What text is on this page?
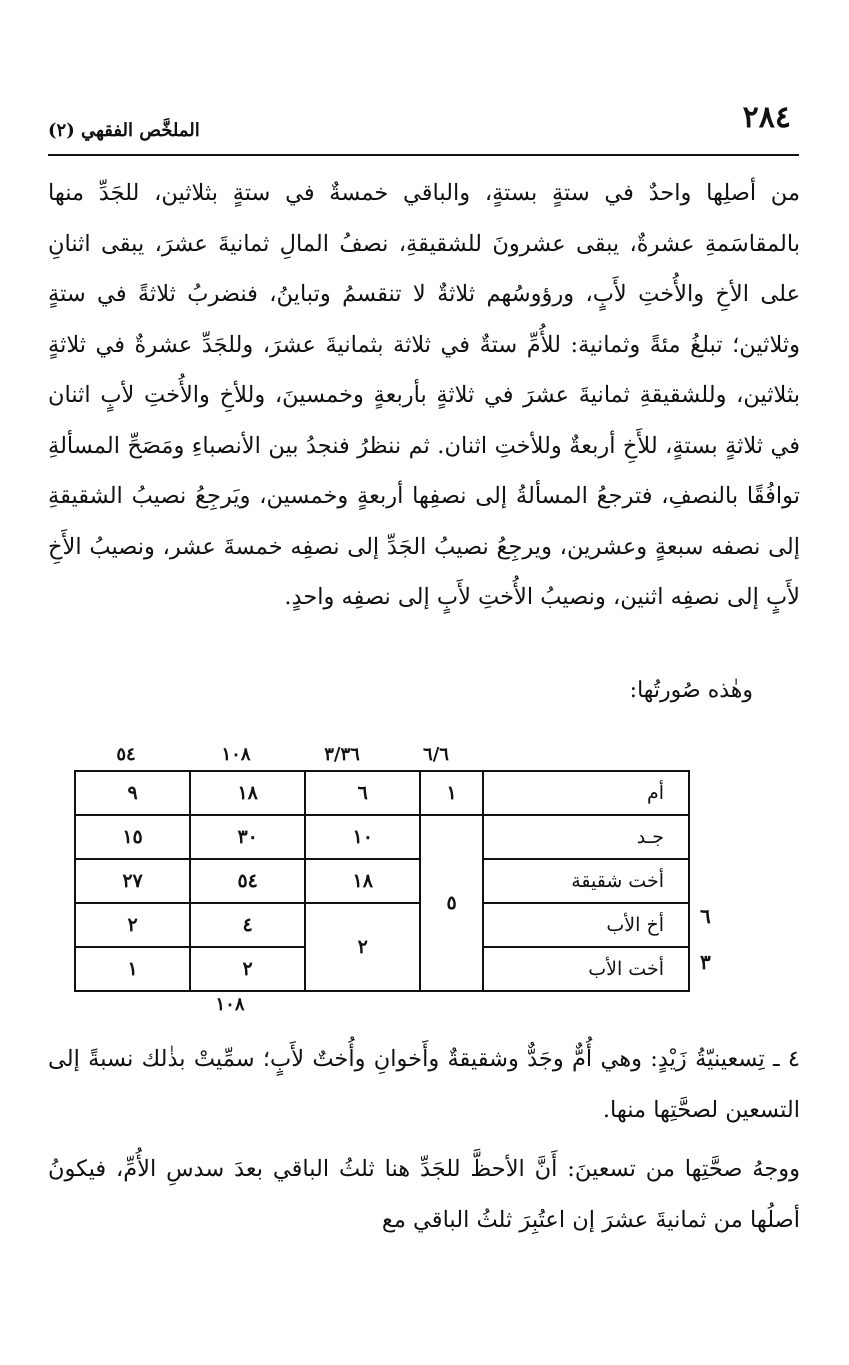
٢٨٤
الملخَّص الفقهي (٢)
من أصلِها واحدٌ في ستةٍ بستةٍ، والباقي خمسةٌ في ستةٍ بثلاثين، للجَدِّ منها بالمقاسَمةِ عشرةٌ، يبقى عشرونَ للشقيقةِ، نصفُ المالِ ثمانيةَ عشرَ، يبقى اثنانِ على الأخِ والأُختِ لأَبٍ، ورؤوسُهم ثلاثةٌ لا تنقسمُ وتباينُ، فنضربُ ثلاثةً في ستةٍ وثلاثين؛ تبلغُ مئةً وثمانية: للأُمِّ ستةٌ في ثلاثة بثمانيةَ عشرَ، وللجَدِّ عشرةٌ في ثلاثةٍ بثلاثين، وللشقيقةِ ثمانيةَ عشرَ في ثلاثةٍ بأربعةٍ وخمسينَ، وللأخِ والأُختِ لأبٍ اثنان في ثلاثةٍ بستةٍ، للأَخِ أربعةٌ وللأختِ اثنان. ثم ننظرُ فنجدُ بين الأنصباءِ ومَصَحِّ المسألةِ توافُقًا بالنصفِ، فترجعُ المسألةُ إلى نصفِها أربعةٍ وخمسين، ويَرجِعُ نصيبُ الشقيقةِ إلى نصفه سبعةٍ وعشرين، ويرجِعُ نصيبُ الجَدِّ إلى نصفِه خمسةَ عشر، ونصيبُ الأَخِ لأَبٍ إلى نصفِه اثنين، ونصيبُ الأُختِ لأَبٍ إلى نصفِه واحدٍ.
وهٰذه صُورتُها:
٦/٦
٣/٣٦
١٠٨
٥٤
أم	١	٦	١٨	٩
جـد	٥	١٠	٣٠	١٥
أخت شقيقة		١٨	٥٤	٢٧
أخ الأب		٢	٤	٢
أخت الأب			٢	١
٦
٣
١٠٨
٤ ـ تِسعينيّةُ زَيْدٍ: وهي أُمٌّ وجَدٌّ وشقيقةٌ وأَخوانِ وأُختٌ لأَبٍ؛ سمِّيتْ بذٰلك نسبةً إلى التسعين لصحَّتِها منها.
ووجهُ صحَّتِها من تسعينَ: أَنَّ الأحظَّ للجَدِّ هنا ثلثُ الباقي بعدَ سدسِ الأُمِّ، فيكونُ أصلُها من ثمانيةَ عشرَ إن اعتُبِرَ ثلثُ الباقي مع
